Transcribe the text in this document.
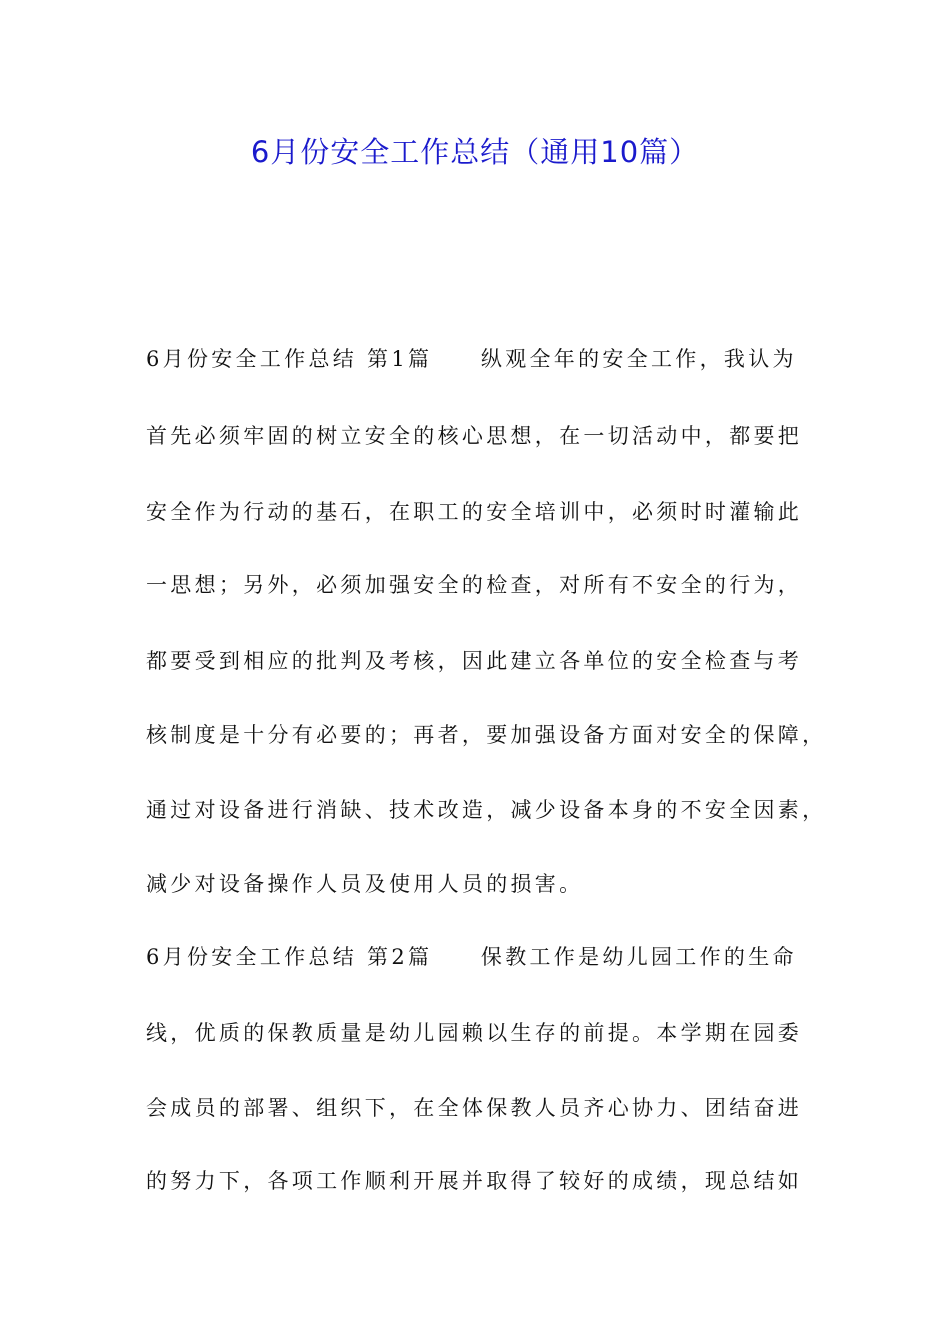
6月份安全工作总结（通用10篇）
6月份安全工作总结 第1篇　　纵观全年的安全工作，我认为
首先必须牢固的树立安全的核心思想，在一切活动中，都要把
安全作为行动的基石，在职工的安全培训中，必须时时灌输此
一思想；另外，必须加强安全的检查，对所有不安全的行为，
都要受到相应的批判及考核，因此建立各单位的安全检查与考
核制度是十分有必要的；再者，要加强设备方面对安全的保障，
通过对设备进行消缺、技术改造，减少设备本身的不安全因素，
减少对设备操作人员及使用人员的损害。
6月份安全工作总结 第2篇　　保教工作是幼儿园工作的生命
线，优质的保教质量是幼儿园赖以生存的前提。本学期在园委
会成员的部署、组织下，在全体保教人员齐心协力、团结奋进
的努力下，各项工作顺利开展并取得了较好的成绩，现总结如
